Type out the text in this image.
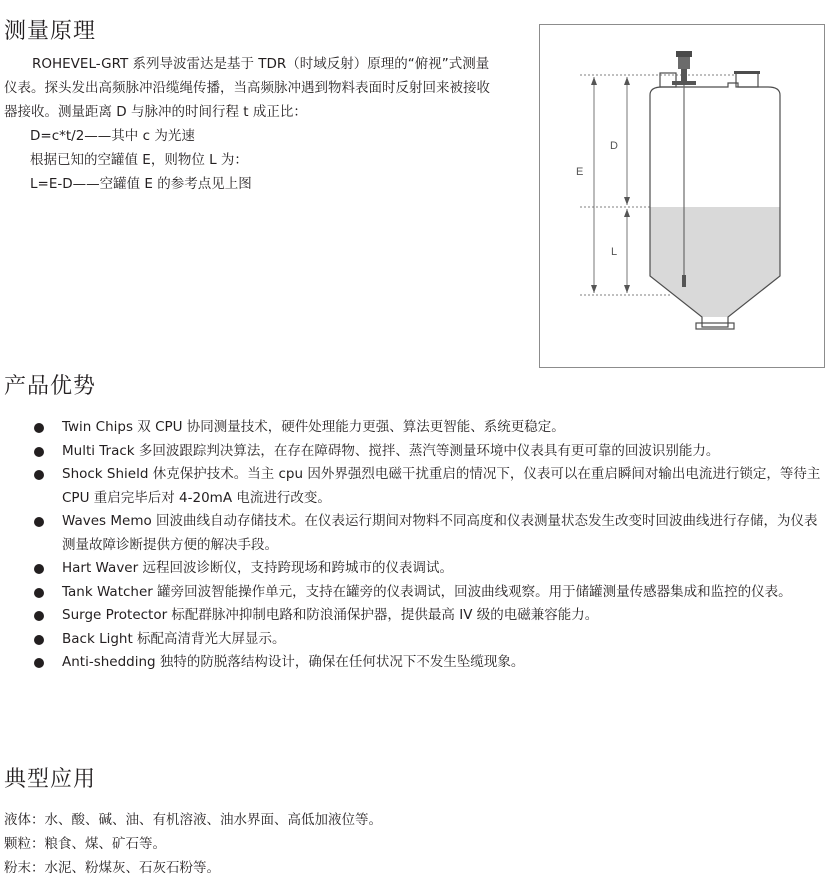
测量原理

ROHEVEL-GRT 系列导波雷达是基于 TDR（时域反射）原理的“俯视”式测量仪表。探头发出高频脉冲沿缆绳传播，当高频脉冲遇到物料表面时反射回来被接收器接收。测量距离 D 与脉冲的时间行程 t 成正比：

D=c*t/2——其中 c 为光速

根据已知的空罐值 E，则物位 L 为：

L=E-D——空罐值 E 的参考点见上图

E
D
L
产品优势
Twin Chips 双 CPU 协同测量技术，硬件处理能力更强、算法更智能、系统更稳定。
Multi Track 多回波跟踪判决算法，在存在障碍物、搅拌、蒸汽等测量环境中仪表具有更可靠的回波识别能力。
Shock Shield 休克保护技术。当主 cpu 因外界强烈电磁干扰重启的情况下，仪表可以在重启瞬间对输出电流进行锁定，等待主 CPU 重启完毕后对 4-20mA 电流进行改变。
Waves Memo 回波曲线自动存储技术。在仪表运行期间对物料不同高度和仪表测量状态发生改变时回波曲线进行存储，为仪表测量故障诊断提供方便的解决手段。
Hart Waver 远程回波诊断仪，支持跨现场和跨城市的仪表调试。
Tank Watcher 罐旁回波智能操作单元，支持在罐旁的仪表调试，回波曲线观察。用于储罐测量传感器集成和监控的仪表。
Surge Protector 标配群脉冲抑制电路和防浪涌保护器，提供最高 IV 级的电磁兼容能力。
Back Light 标配高清背光大屏显示。
Anti-shedding 独特的防脱落结构设计，确保在任何状况下不发生坠缆现象。
典型应用

液体：水、酸、碱、油、有机溶液、油水界面、高低加液位等。

颗粒：粮食、煤、矿石等。

粉末：水泥、粉煤灰、石灰石粉等。
